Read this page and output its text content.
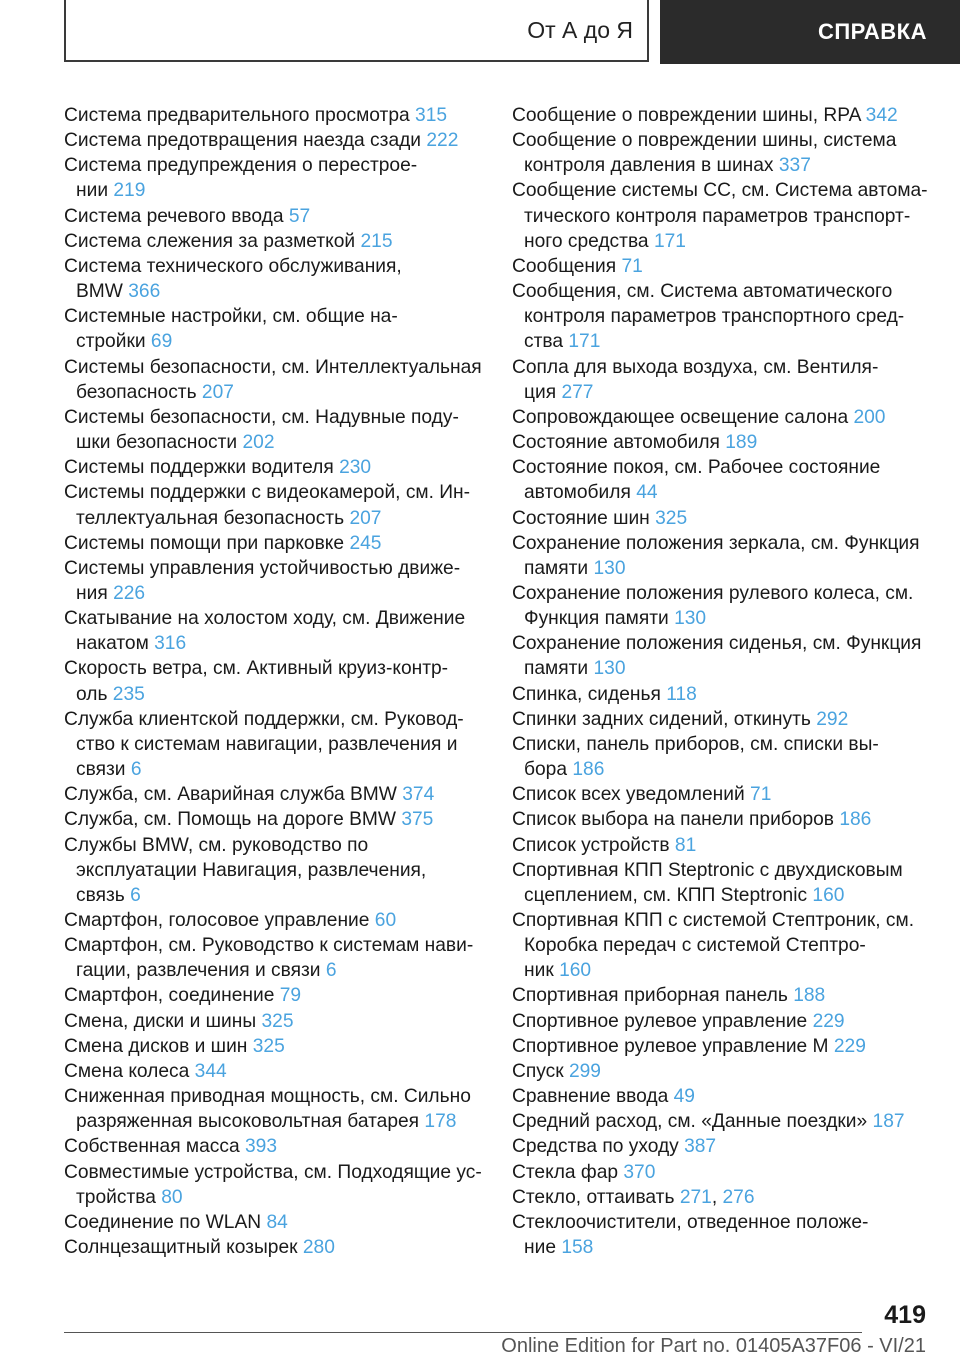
От А до Я	СПРАВКА
Система предварительного просмотра 315
Система предотвращения наезда сзади 222
Система предупреждения о перестрое-
нии 219
Система речевого ввода 57
Система слежения за разметкой 215
Система технического обслуживания,
BMW 366
Системные настройки, см. общие на-
стройки 69
Системы безопасности, см. Интеллектуальная
безопасность 207
Системы безопасности, см. Надувные поду-
шки безопасности 202
Системы поддержки водителя 230
Системы поддержки с видеокамерой, см. Ин-
теллектуальная безопасность 207
Системы помощи при парковке 245
Системы управления устойчивостью движе-
ния 226
Скатывание на холостом ходу, см. Движение
накатом 316
Скорость ветра, см. Активный круиз-контр-
оль 235
Служба клиентской поддержки, см. Руковод-
ство к системам навигации, развлечения и
связи 6
Служба, см. Аварийная служба BMW 374
Служба, см. Помощь на дороге BMW 375
Службы BMW, см. руководство по
эксплуатации Навигация, развлечения,
связь 6
Смартфон, голосовое управление 60
Смартфон, см. Руководство к системам нави-
гации, развлечения и связи 6
Смартфон, соединение 79
Смена, диски и шины 325
Смена дисков и шин 325
Смена колеса 344
Сниженная приводная мощность, см. Сильно
разряженная высоковольтная батарея 178
Собственная масса 393
Совместимые устройства, см. Подходящие ус-
тройства 80
Соединение по WLAN 84
Солнцезащитный козырек 280
Сообщение о повреждении шины, RPA 342
Сообщение о повреждении шины, система
контроля давления в шинах 337
Сообщение системы CC, см. Система автома-
тического контроля параметров транспорт-
ного средства 171
Сообщения 71
Сообщения, см. Система автоматического
контроля параметров транспортного сред-
ства 171
Сопла для выхода воздуха, см. Вентиля-
ция 277
Сопровождающее освещение салона 200
Состояние автомобиля 189
Состояние покоя, см. Рабочее состояние
автомобиля 44
Состояние шин 325
Сохранение положения зеркала, см. Функция
памяти 130
Сохранение положения рулевого колеса, см.
Функция памяти 130
Сохранение положения сиденья, см. Функция
памяти 130
Спинка, сиденья 118
Спинки задних сидений, откинуть 292
Списки, панель приборов, см. списки вы-
бора 186
Список всех уведомлений 71
Список выбора на панели приборов 186
Список устройств 81
Спортивная КПП Steptronic с двухдисковым
сцеплением, см. КПП Steptronic 160
Спортивная КПП с системой Стептроник, см.
Коробка передач с системой Стептро-
ник 160
Спортивная приборная панель 188
Спортивное рулевое управление 229
Спортивное рулевое управление M 229
Спуск 299
Сравнение ввода 49
Средний расход, см. «Данные поездки» 187
Средства по уходу 387
Стекла фар 370
Стекло, оттаивать 271, 276
Стеклоочистители, отведенное положе-
ние 158
419
Online Edition for Part no. 01405A37F06 - VI/21
